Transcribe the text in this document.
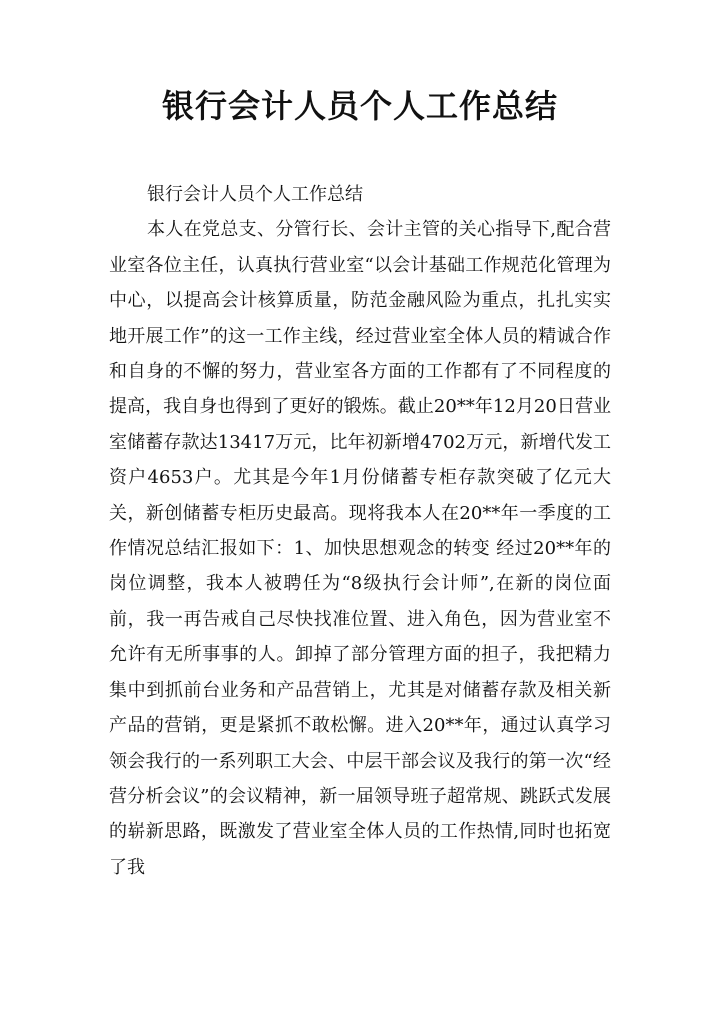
银行会计人员个人工作总结

银行会计人员个人工作总结

本人在党总支、分管行长、会计主管的关心指导下,配合营业室各位主任，认真执行营业室“以会计基础工作规范化管理为中心，以提高会计核算质量，防范金融风险为重点，扎扎实实地开展工作”的这一工作主线，经过营业室全体人员的精诚合作和自身的不懈的努力，营业室各方面的工作都有了不同程度的提高，我自身也得到了更好的锻炼。截止20**年12月20日营业室储蓄存款达13417万元，比年初新增4702万元，新增代发工资户4653户。尤其是今年1月份储蓄专柜存款突破了亿元大关，新创储蓄专柜历史最高。现将我本人在20**年一季度的工作情况总结汇报如下：1、加快思想观念的转变 经过20**年的岗位调整，我本人被聘任为“8级执行会计师”,在新的岗位面前，我一再告戒自己尽快找准位置、进入角色，因为营业室不允许有无所事事的人。卸掉了部分管理方面的担子，我把精力集中到抓前台业务和产品营销上，尤其是对储蓄存款及相关新产品的营销，更是紧抓不敢松懈。进入20**年，通过认真学习领会我行的一系列职工大会、中层干部会议及我行的第一次“经营分析会议”的会议精神，新一届领导班子超常规、跳跃式发展的崭新思路，既激发了营业室全体人员的工作热情,同时也拓宽了我
